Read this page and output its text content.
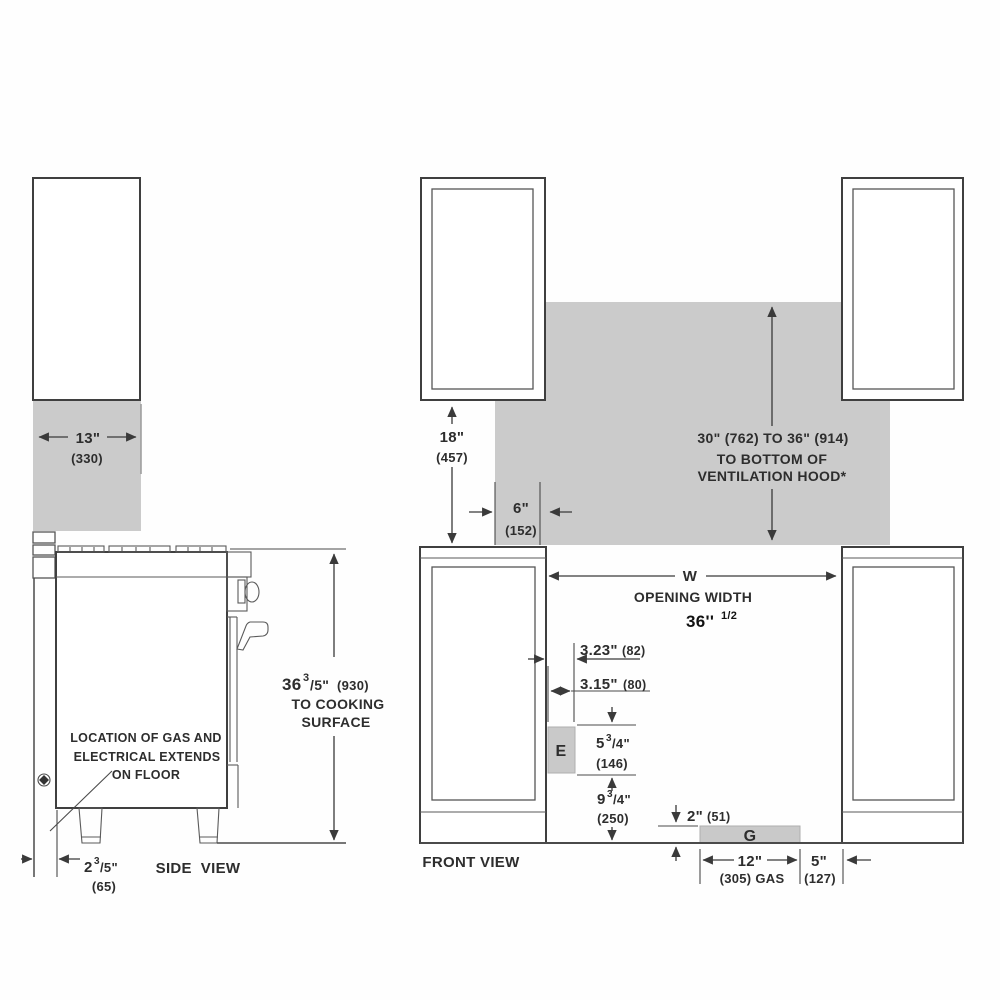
13"
(330)
36 3 /5" (930)
TO COOKING
SURFACE
LOCATION OF GAS AND
ELECTRICAL EXTENDS
ON FLOOR
2 3 /5"
(65)
SIDE  VIEW
18"
(457)
30" (762) TO 36" (914)
TO BOTTOM OF
VENTILATION HOOD*
6"
(152)
W
OPENING WIDTH
36'' 1/2
3.23" (82)
3.15" (80)
E 5 3 /4"
(146)
9 3 /4"
(250)	2" (51)
G
12"
(305) GAS
5"
(127)
FRONT VIEW
